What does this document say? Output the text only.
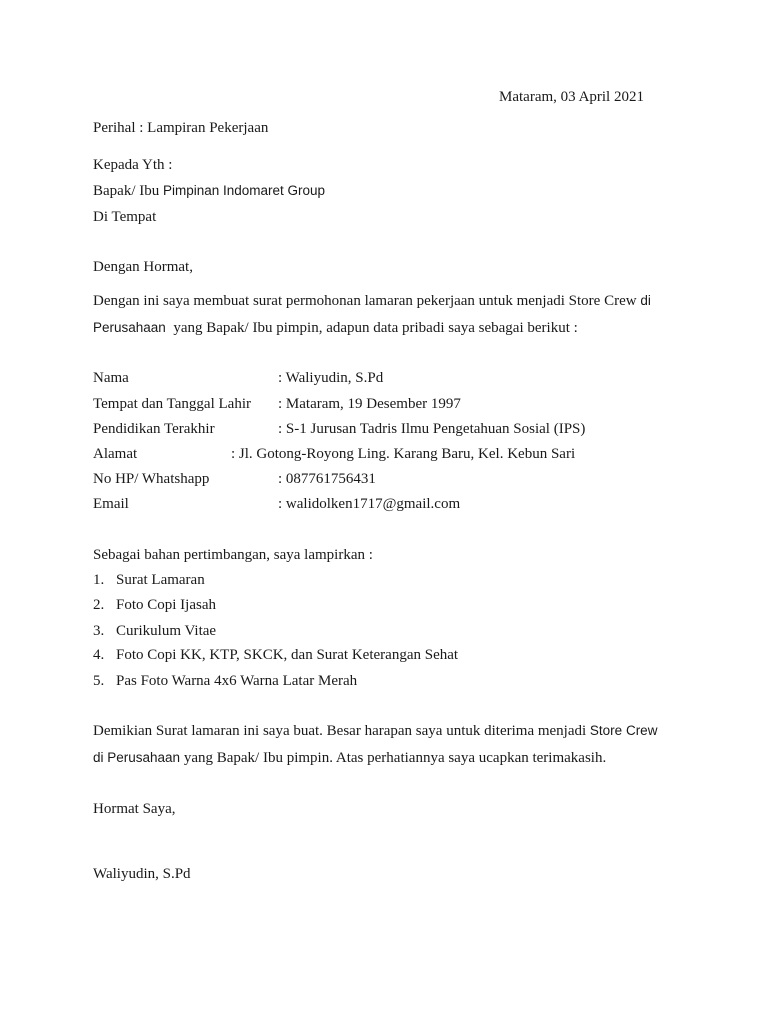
Mataram, 03 April 2021
Perihal : Lampiran Pekerjaan
Kepada Yth :
Bapak/ Ibu Pimpinan Indomaret Group
Di Tempat
Dengan Hormat,
Dengan ini saya membuat surat permohonan lamaran pekerjaan untuk menjadi Store Crew di
Perusahaan  yang Bapak/ Ibu pimpin, adapun data pribadi saya sebagai berikut :
Nama	: Waliyudin, S.Pd
Tempat dan Tanggal Lahir : Mataram, 19 Desember 1997
Pendidikan Terakhir	: S-1 Jurusan Tadris Ilmu Pengetahuan Sosial (IPS)
Alamat	: Jl. Gotong-Royong Ling. Karang Baru, Kel. Kebun Sari
No HP/ Whatshapp	: 087761756431
Email	: walidolken1717@gmail.com
Sebagai bahan pertimbangan, saya lampirkan :
1. Surat Lamaran
2. Foto Copi Ijasah
3. Curikulum Vitae
4. Foto Copi KK, KTP, SKCK, dan Surat Keterangan Sehat
5. Pas Foto Warna 4x6 Warna Latar Merah
Demikian Surat lamaran ini saya buat. Besar harapan saya untuk diterima menjadi Store Crew
di Perusahaan yang Bapak/ Ibu pimpin. Atas perhatiannya saya ucapkan terimakasih.
Hormat Saya,
Waliyudin, S.Pd
